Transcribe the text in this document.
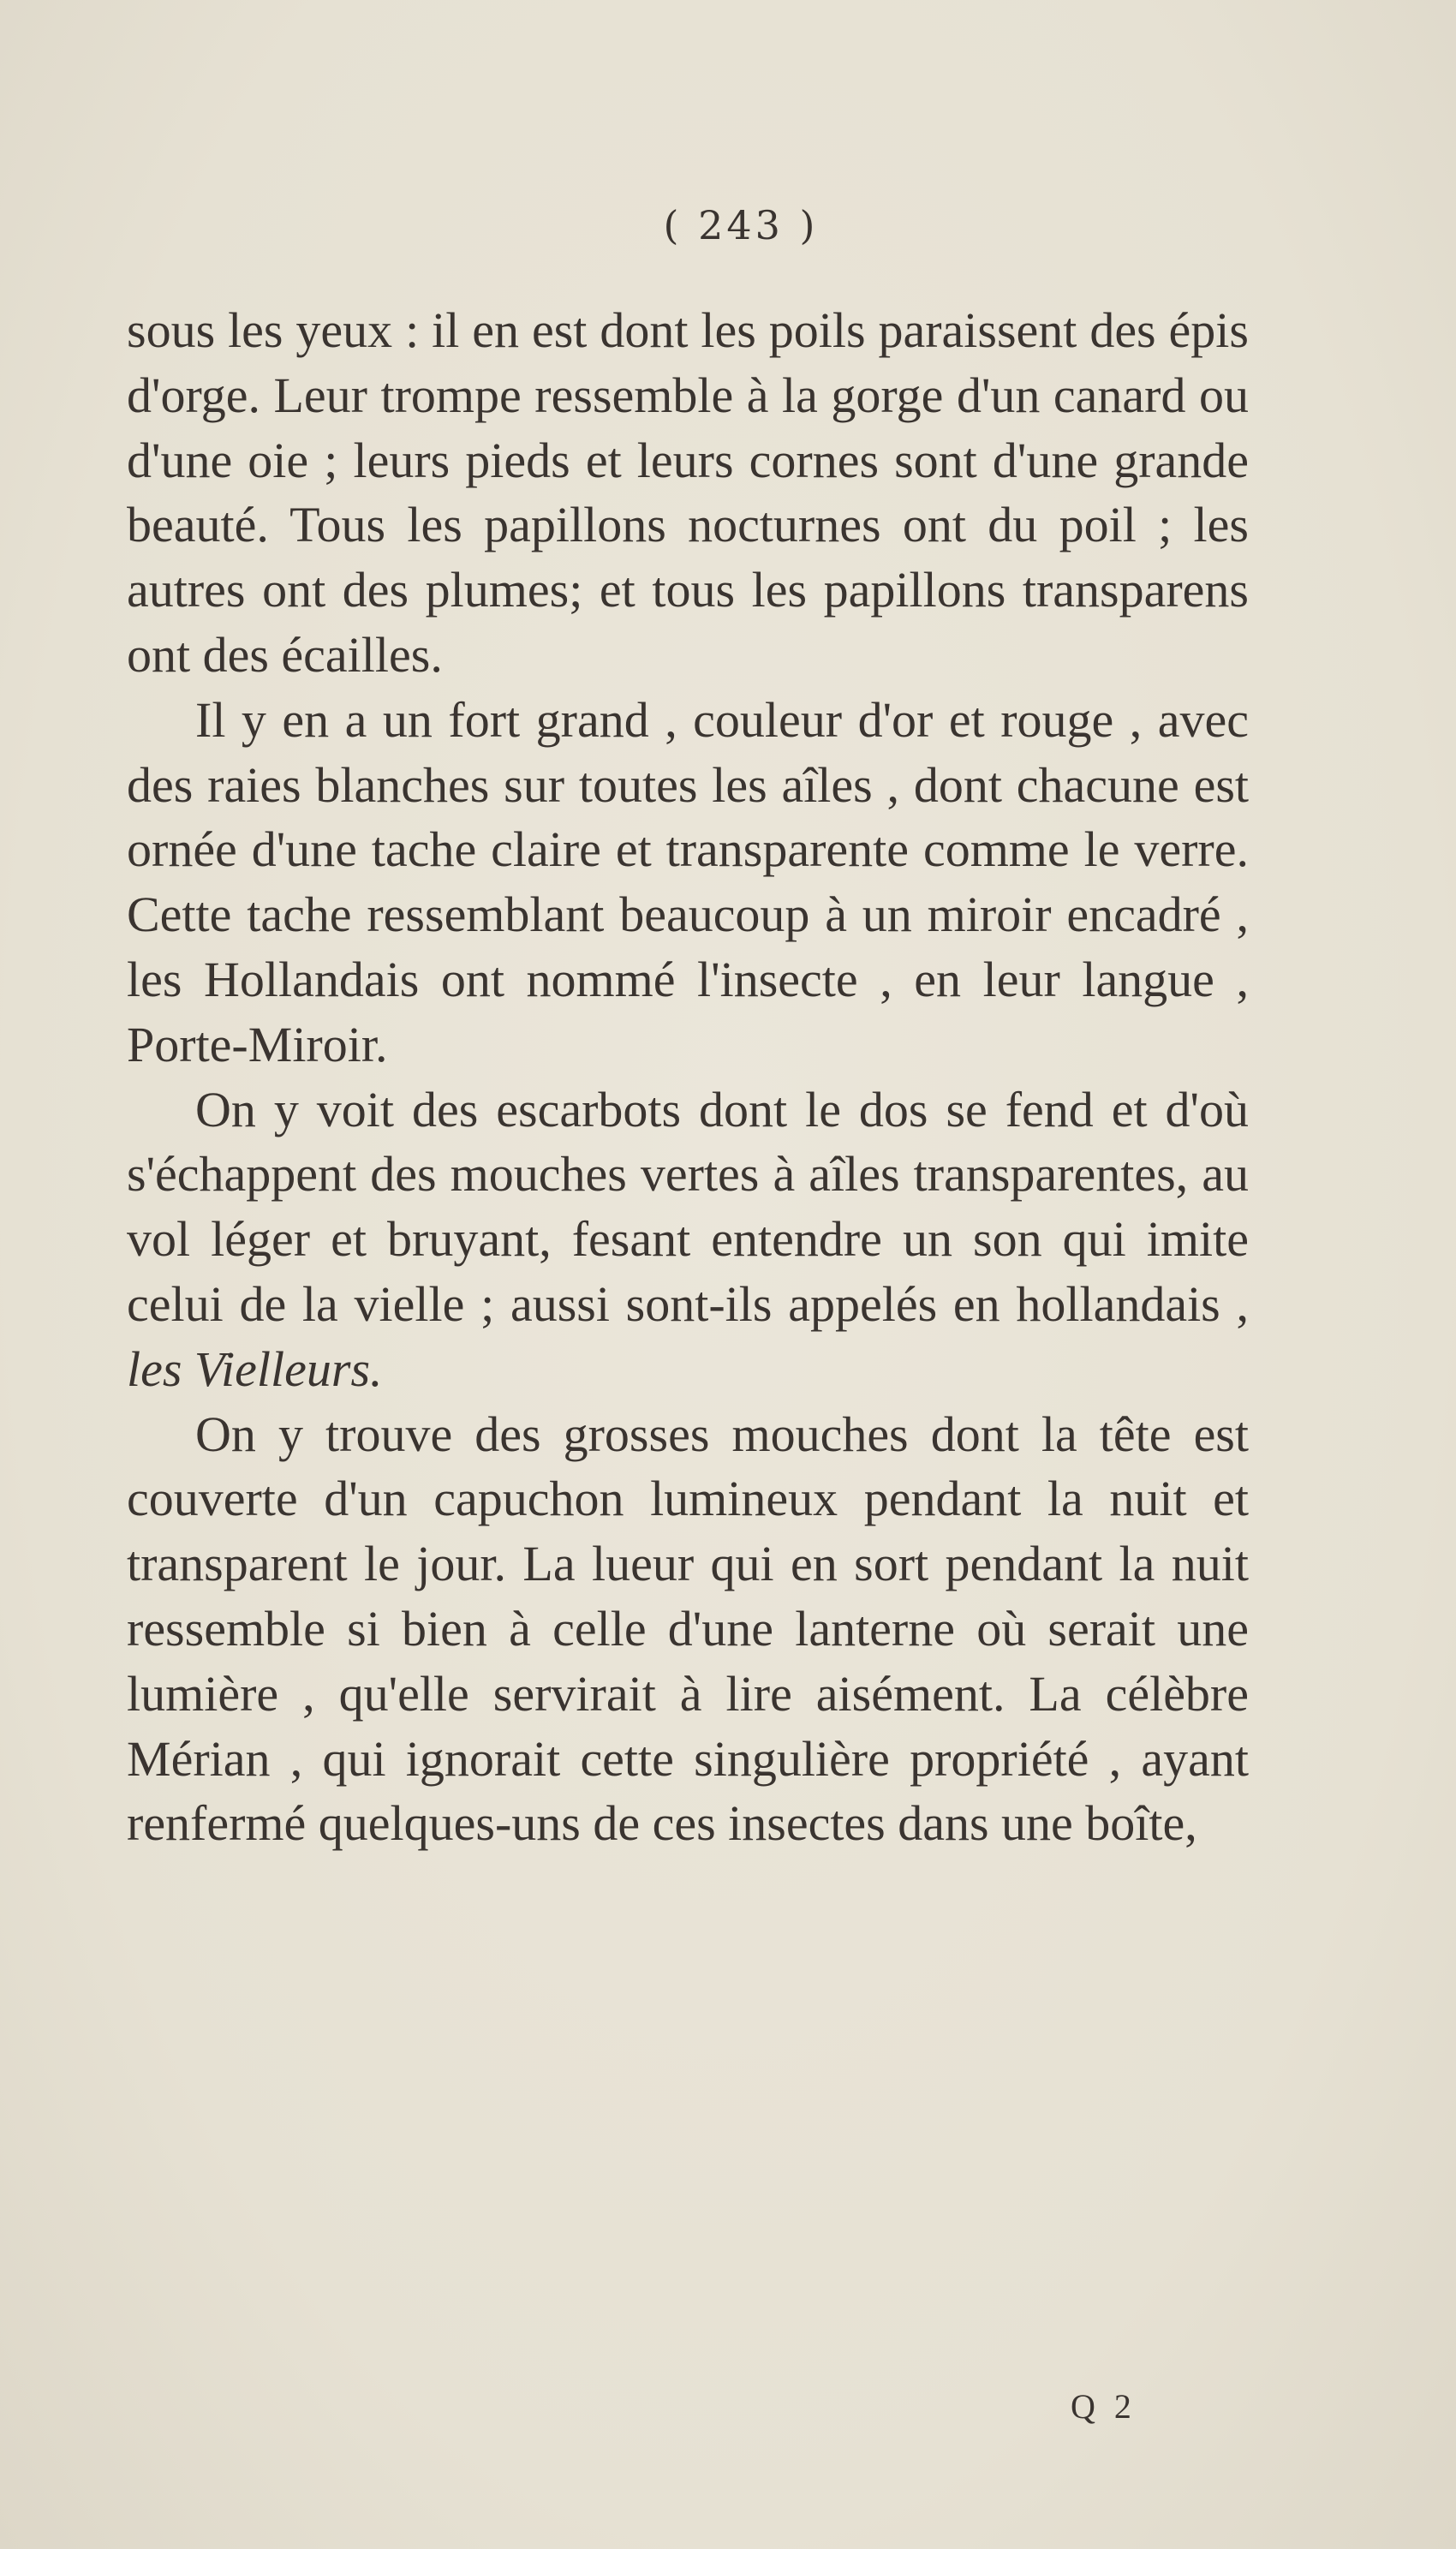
( 243 )

sous les yeux : il en est dont les poils paraissent des épis d'orge. Leur trompe ressemble à la gorge d'un canard ou d'une oie ; leurs pieds et leurs cornes sont d'une grande beauté. Tous les papillons nocturnes ont du poil ; les autres ont des plumes; et tous les papillons transparens ont des écailles.

Il y en a un fort grand , couleur d'or et rouge , avec des raies blanches sur toutes les aîles , dont chacune est ornée d'une tache claire et transparente comme le verre. Cette tache ressemblant beaucoup à un miroir encadré , les Hollandais ont nommé l'insecte , en leur langue , Porte-Miroir.

On y voit des escarbots dont le dos se fend et d'où s'échappent des mouches vertes à aîles transparentes, au vol léger et bruyant, fesant entendre un son qui imite celui de la vielle ; aussi sont-ils appelés en hollandais , les Vielleurs.

On y trouve des grosses mouches dont la tête est couverte d'un capuchon lumineux pendant la nuit et transparent le jour. La lueur qui en sort pendant la nuit ressemble si bien à celle d'une lanterne où serait une lumière , qu'elle servirait à lire aisément. La célèbre Mérian , qui ignorait cette singulière propriété , ayant renfermé quelques-uns de ces insectes dans une boîte,

Q 2
